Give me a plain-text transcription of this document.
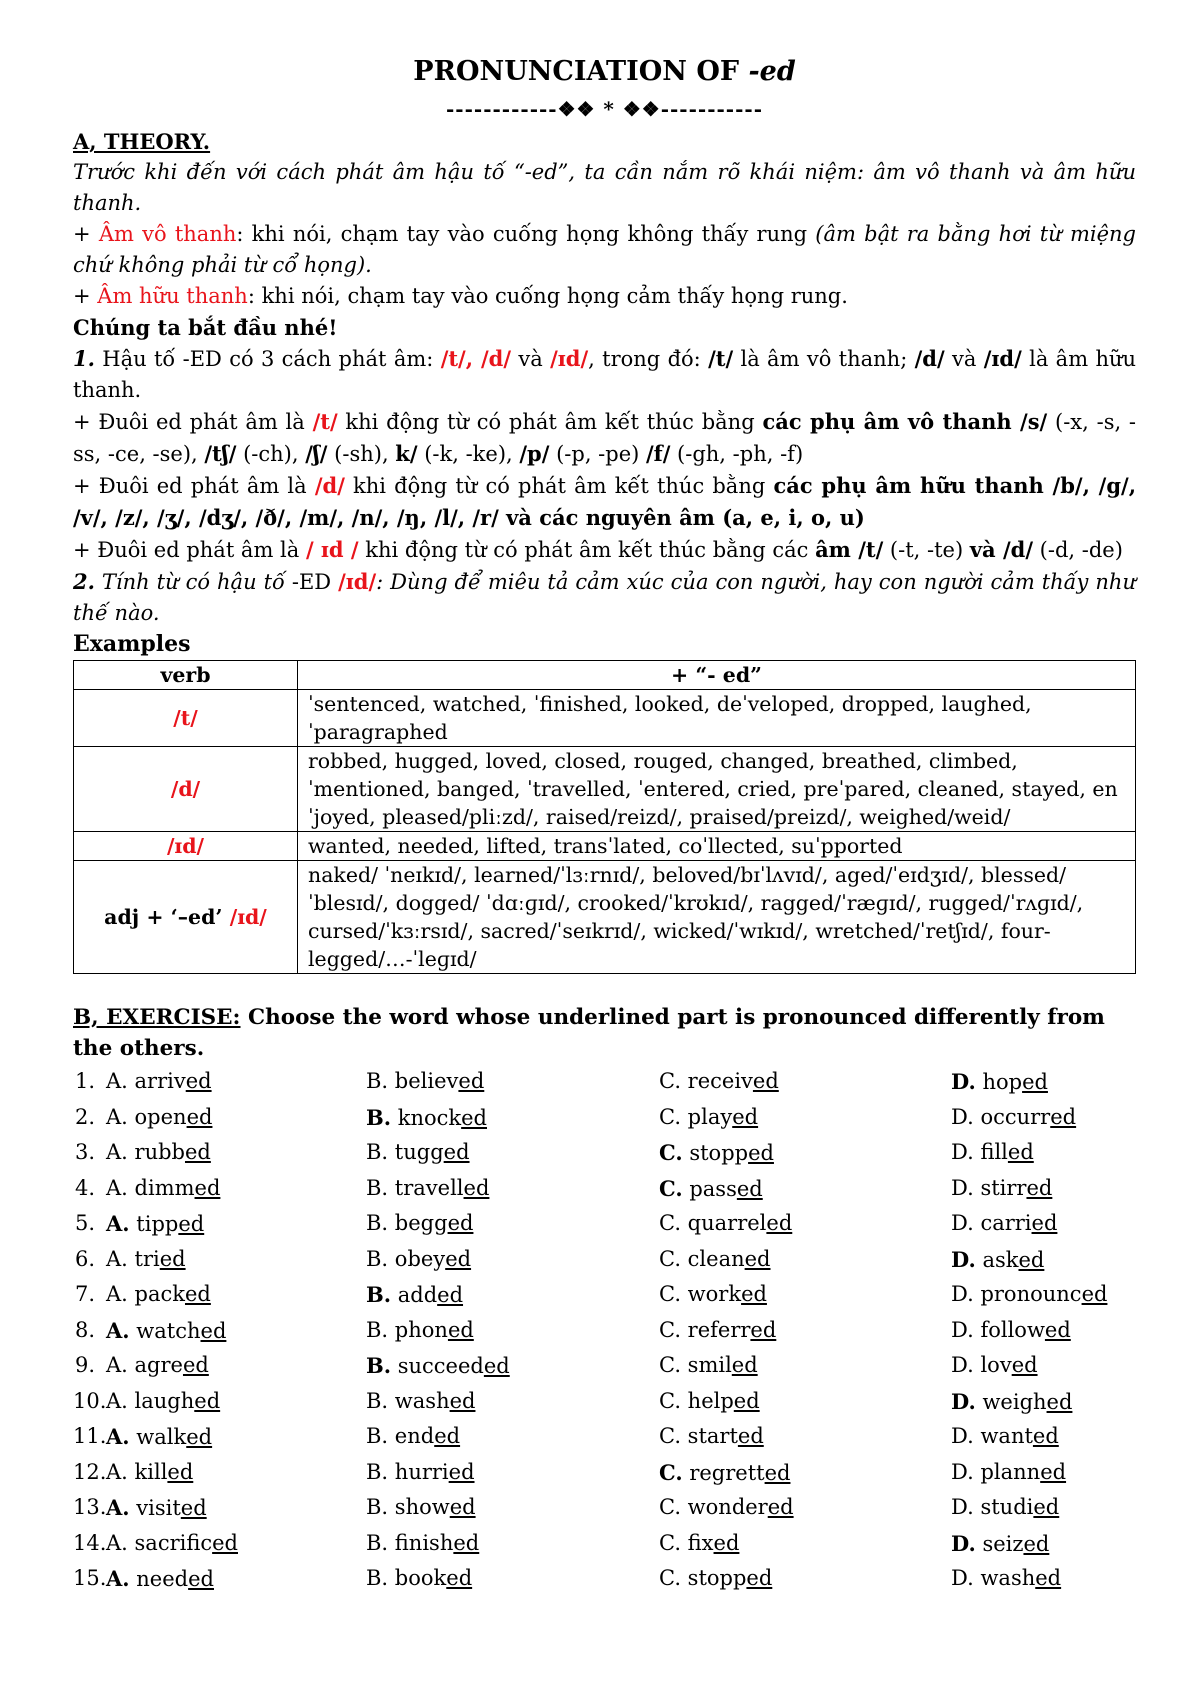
PRONUNCIATION OF -ed
------------❖❖ * ❖❖-----------
A, THEORY.
Trước khi đến với cách phát âm hậu tố “-ed”, ta cần nắm rõ khái niệm: âm vô thanh và âm hữu thanh.
+ Âm vô thanh: khi nói, chạm tay vào cuống họng không thấy rung (âm bật ra bằng hơi từ miệng chứ không phải từ cổ họng).
+ Âm hữu thanh: khi nói, chạm tay vào cuống họng cảm thấy họng rung.
Chúng ta bắt đầu nhé!
1. Hậu tố -ED có 3 cách phát âm: /t/, /d/ và /ɪd/, trong đó: /t/ là âm vô thanh; /d/ và /ɪd/ là âm hữu thanh.
+ Đuôi ed phát âm là /t/ khi động từ có phát âm kết thúc bằng các phụ âm vô thanh /s/ (-x, -s, -ss, -ce, -se), /tʃ/ (-ch), /ʃ/ (-sh), k/ (-k, -ke), /p/ (-p, -pe) /f/ (-gh, -ph, -f)
+ Đuôi ed phát âm là /d/ khi động từ có phát âm kết thúc bằng các phụ âm hữu thanh /b/, /g/, /v/, /z/, /ʒ/, /dʒ/, /ð/, /m/, /n/, /ŋ, /l/, /r/ và các nguyên âm (a, e, i, o, u)
+ Đuôi ed phát âm là / ɪd / khi động từ có phát âm kết thúc bằng các âm /t/ (-t, -te) và /d/ (-d, -de)
2. Tính từ có hậu tố -ED /ɪd/: Dùng để miêu tả cảm xúc của con người, hay con người cảm thấy như thế nào.
Examples
verb	+ “- ed”
/t/	ˈsentenced, watched, ˈfinished, looked, deˈveloped, dropped, laughed, ˈparagraphed
/d/	robbed, hugged, loved, closed, rouged, changed, breathed, climbed, ˈmentioned, banged, ˈtravelled, ˈentered, cried, preˈpared, cleaned, stayed, enˈjoyed, pleased/pliːzd/, raised/reizd/, praised/preizd/, weighed/weid/
/ɪd/	wanted, needed, lifted, transˈlated, coˈllected, suˈpported
adj + ‘–ed’ /ɪd/	naked/ ˈneɪkɪd/, learned/ˈlɜːrnɪd/, beloved/bɪˈlʌvɪd/, aged/ˈeɪdʒɪd/, blessed/ˈblesɪd/, dogged/ ˈdɑːɡɪd/, crooked/ˈkrʊkɪd/, ragged/ˈræɡɪd/, rugged/ˈrʌɡɪd/, cursed/ˈkɜːrsɪd/, sacred/ˈseɪkrɪd/, wicked/ˈwɪkɪd/, wretched/ˈretʃɪd/, four-legged/…-ˈleɡɪd/
B, EXERCISE: Choose the word whose underlined part is pronounced differently from the others.
1. A. arrived	B. believed	C. received	D. hoped
2. A. opened	B. knocked	C. played	D. occurred
3. A. rubbed	B. tugged	C. stopped	D. filled
4. A. dimmed	B. travelled	C. passed	D. stirred
5. A. tipped	B. begged	C. quarreled	D. carried
6. A. tried	B. obeyed	C. cleaned	D. asked
7. A. packed	B. added	C. worked	D. pronounced
8. A. watched	B. phoned	C. referred	D. followed
9. A. agreed	B. succeeded	C. smiled	D. loved
10. A. laughed	B. washed	C. helped	D. weighed
11. A. walked	B. ended	C. started	D. wanted
12. A. killed	B. hurried	C. regretted	D. planned
13. A. visited	B. showed	C. wondered	D. studied
14. A. sacrificed	B. finished	C. fixed	D. seized
15. A. needed	B. booked	C. stopped	D. washed
